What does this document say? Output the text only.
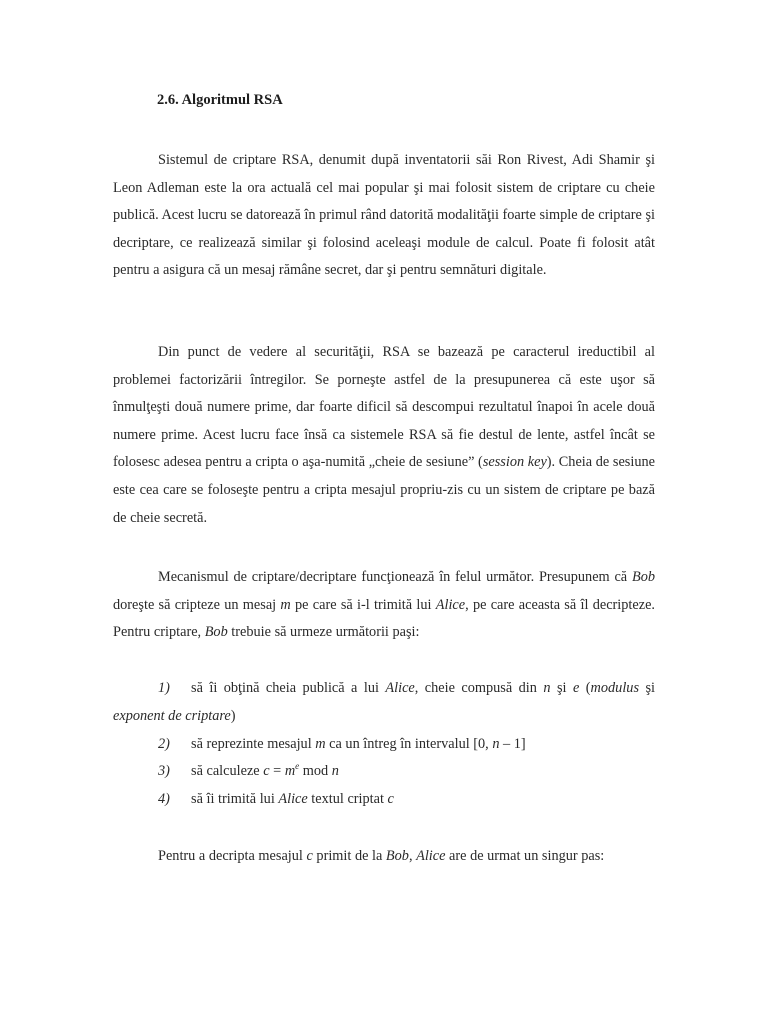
2.6. Algoritmul RSA

Sistemul de criptare RSA, denumit după inventatorii săi Ron Rivest, Adi Shamir şi Leon Adleman este la ora actuală cel mai popular şi mai folosit sistem de criptare cu cheie publică. Acest lucru se datorează în primul rând datorită modalităţii foarte simple de criptare şi decriptare, ce realizează similar şi folosind aceleaşi module de calcul. Poate fi folosit atât pentru a asigura că un mesaj rămâne secret, dar şi pentru semnături digitale.

Din punct de vedere al securităţii, RSA se bazează pe caracterul ireductibil al problemei factorizării întregilor. Se porneşte astfel de la presupunerea că este uşor să înmulţeşti două numere prime, dar foarte dificil să descompui rezultatul înapoi în acele două numere prime. Acest lucru face însă ca sistemele RSA să fie destul de lente, astfel încât se folosesc adesea pentru a cripta o aşa-numită „cheie de sesiune” (session key). Cheia de sesiune este cea care se foloseşte pentru a cripta mesajul propriu-zis cu un sistem de criptare pe bază de cheie secretă.

Mecanismul de criptare/decriptare funcţionează în felul următor. Presupunem că Bob doreşte să cripteze un mesaj m pe care să i-l trimită lui Alice, pe care aceasta să îl decripteze. Pentru criptare, Bob trebuie să urmeze următorii paşi:

1) să îi obţină cheia publică a lui Alice, cheie compusă din n şi e (modulus şi exponent de criptare)
2) să reprezinte mesajul m ca un întreg în intervalul [0, n – 1]
3) să calculeze $c = m^e$ mod n
4) să îi trimită lui Alice textul criptat c

Pentru a decripta mesajul c primit de la Bob, Alice are de urmat un singur pas:
